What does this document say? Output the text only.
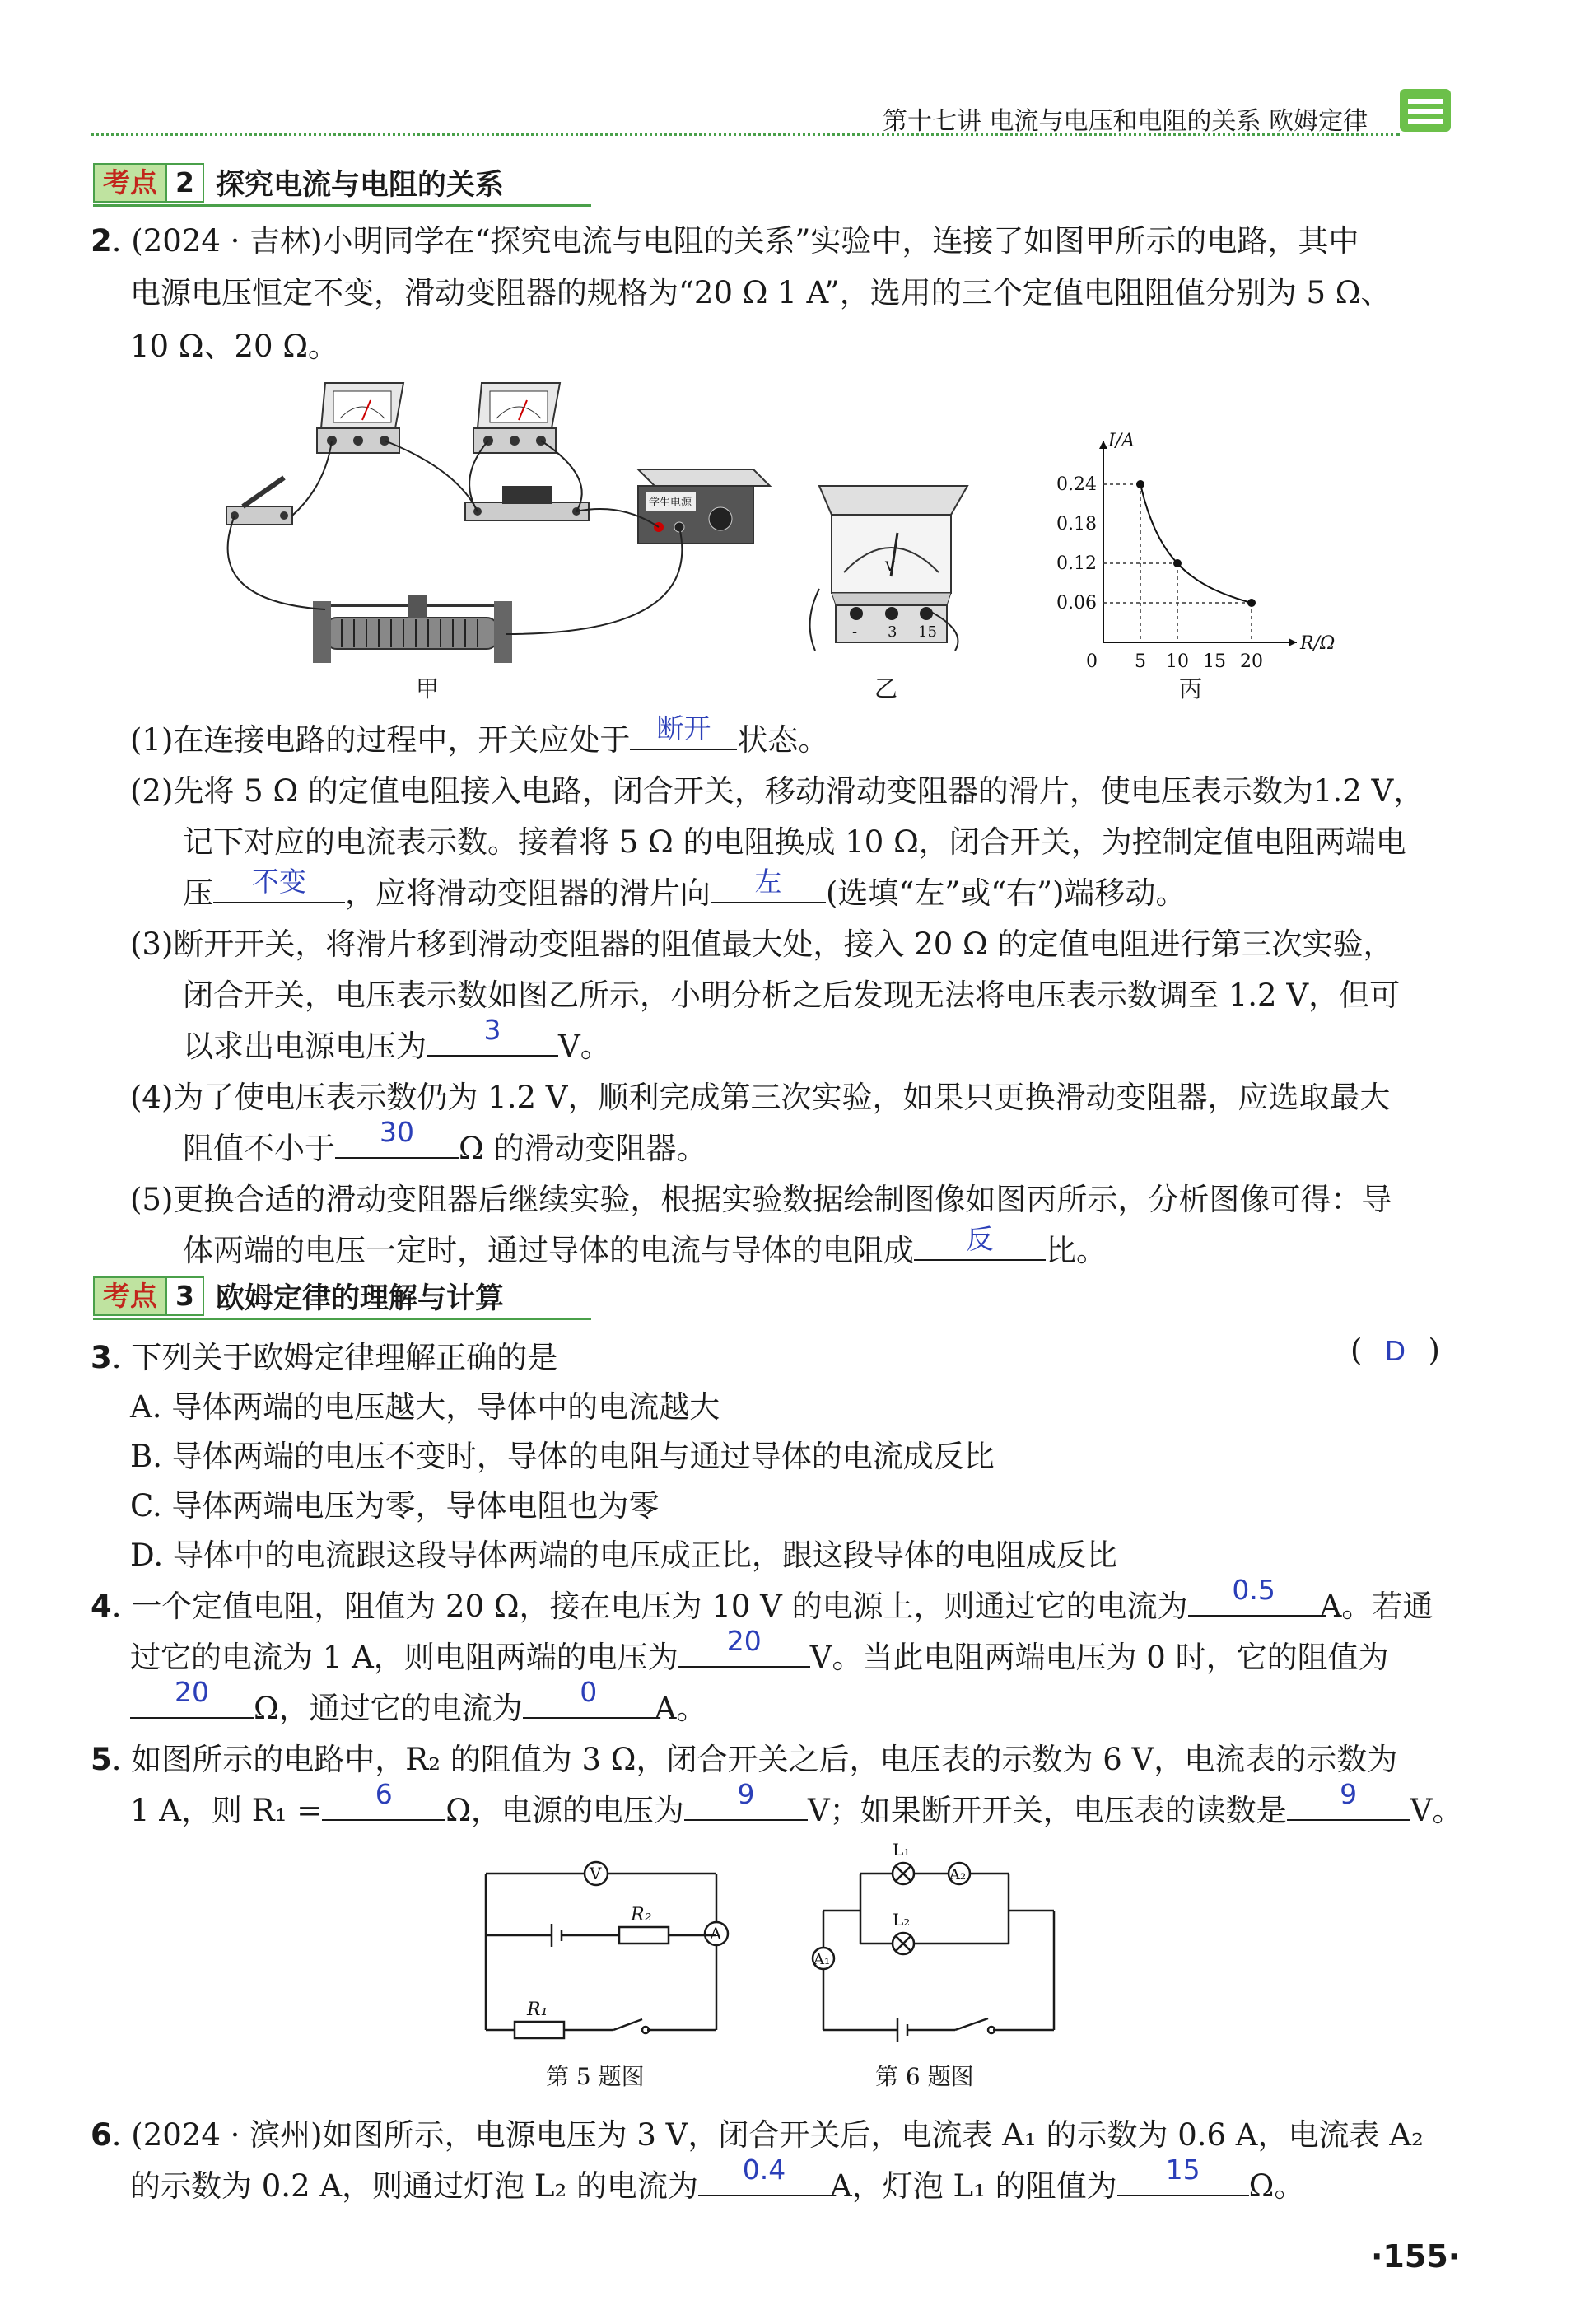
第十七讲 电流与电压和电阻的关系 欧姆定律
考点 2 探究电流与电阻的关系
2. (2024 · 吉林)小明同学在“探究电流与电阻的关系”实验中，连接了如图甲所示的电路，其中
电源电压恒定不变，滑动变阻器的规格为“20 Ω 1 A”，选用的三个定值电阻阻值分别为 5 Ω、
10 Ω、20 Ω。
学生电源
甲
V
- 3 15
乙
I/A
R/Ω
0.24
0.18
0.12
0.06
0 5 10 15 20
丙
(1)在连接电路的过程中，开关应处于 断开 状态。
(2)先将 5 Ω 的定值电阻接入电路，闭合开关，移动滑动变阻器的滑片，使电压表示数为1.2 V，
记下对应的电流表示数。接着将 5 Ω 的电阻换成 10 Ω，闭合开关，为控制定值电阻两端电
压	不变	，应将滑动变阻器的滑片向	左	(选填“左”或“右”)端移动。
(3)断开开关，将滑片移到滑动变阻器的阻值最大处，接入 20 Ω 的定值电阻进行第三次实验，
闭合开关，电压表示数如图乙所示，小明分析之后发现无法将电压表示数调至 1.2 V，但可
以求出电源电压为	3	V。
(4)为了使电压表示数仍为 1.2 V，顺利完成第三次实验，如果只更换滑动变阻器，应选取最大
阻值不小于	30	Ω 的滑动变阻器。
(5)更换合适的滑动变阻器后继续实验，根据实验数据绘制图像如图丙所示，分析图像可得：导
体两端的电压一定时，通过导体的电流与导体的电阻成	反	比。
考点 3 欧姆定律的理解与计算
3. 下列关于欧姆定律理解正确的是	( D )
A. 导体两端的电压越大，导体中的电流越大
B. 导体两端的电压不变时，导体的电阻与通过导体的电流成反比
C. 导体两端电压为零，导体电阻也为零
D. 导体中的电流跟这段导体两端的电压成正比，跟这段导体的电阻成反比
4. 一个定值电阻，阻值为 20 Ω，接在电压为 10 V 的电源上，则通过它的电流为	0.5	A。若通
过它的电流为 1 A，则电阻两端的电压为	20	V。当此电阻两端电压为 0 时，它的阻值为
20	Ω，通过它的电流为	0	A。
5. 如图所示的电路中，R₂ 的阻值为 3 Ω，闭合开关之后，电压表的示数为 6 V，电流表的示数为
1 A，则 R₁ =	6	Ω，电源的电压为	9	V；如果断开开关，电压表的读数是	9	V。
V
A
R₂
R₁
第 5 题图
L₁
L₂
A₂
A₁
第 6 题图
6. (2024 · 滨州)如图所示，电源电压为 3 V，闭合开关后，电流表 A₁ 的示数为 0.6 A，电流表 A₂
的示数为 0.2 A，则通过灯泡 L₂ 的电流为	0.4	A，灯泡 L₁ 的阻值为	15	Ω。
·155·
